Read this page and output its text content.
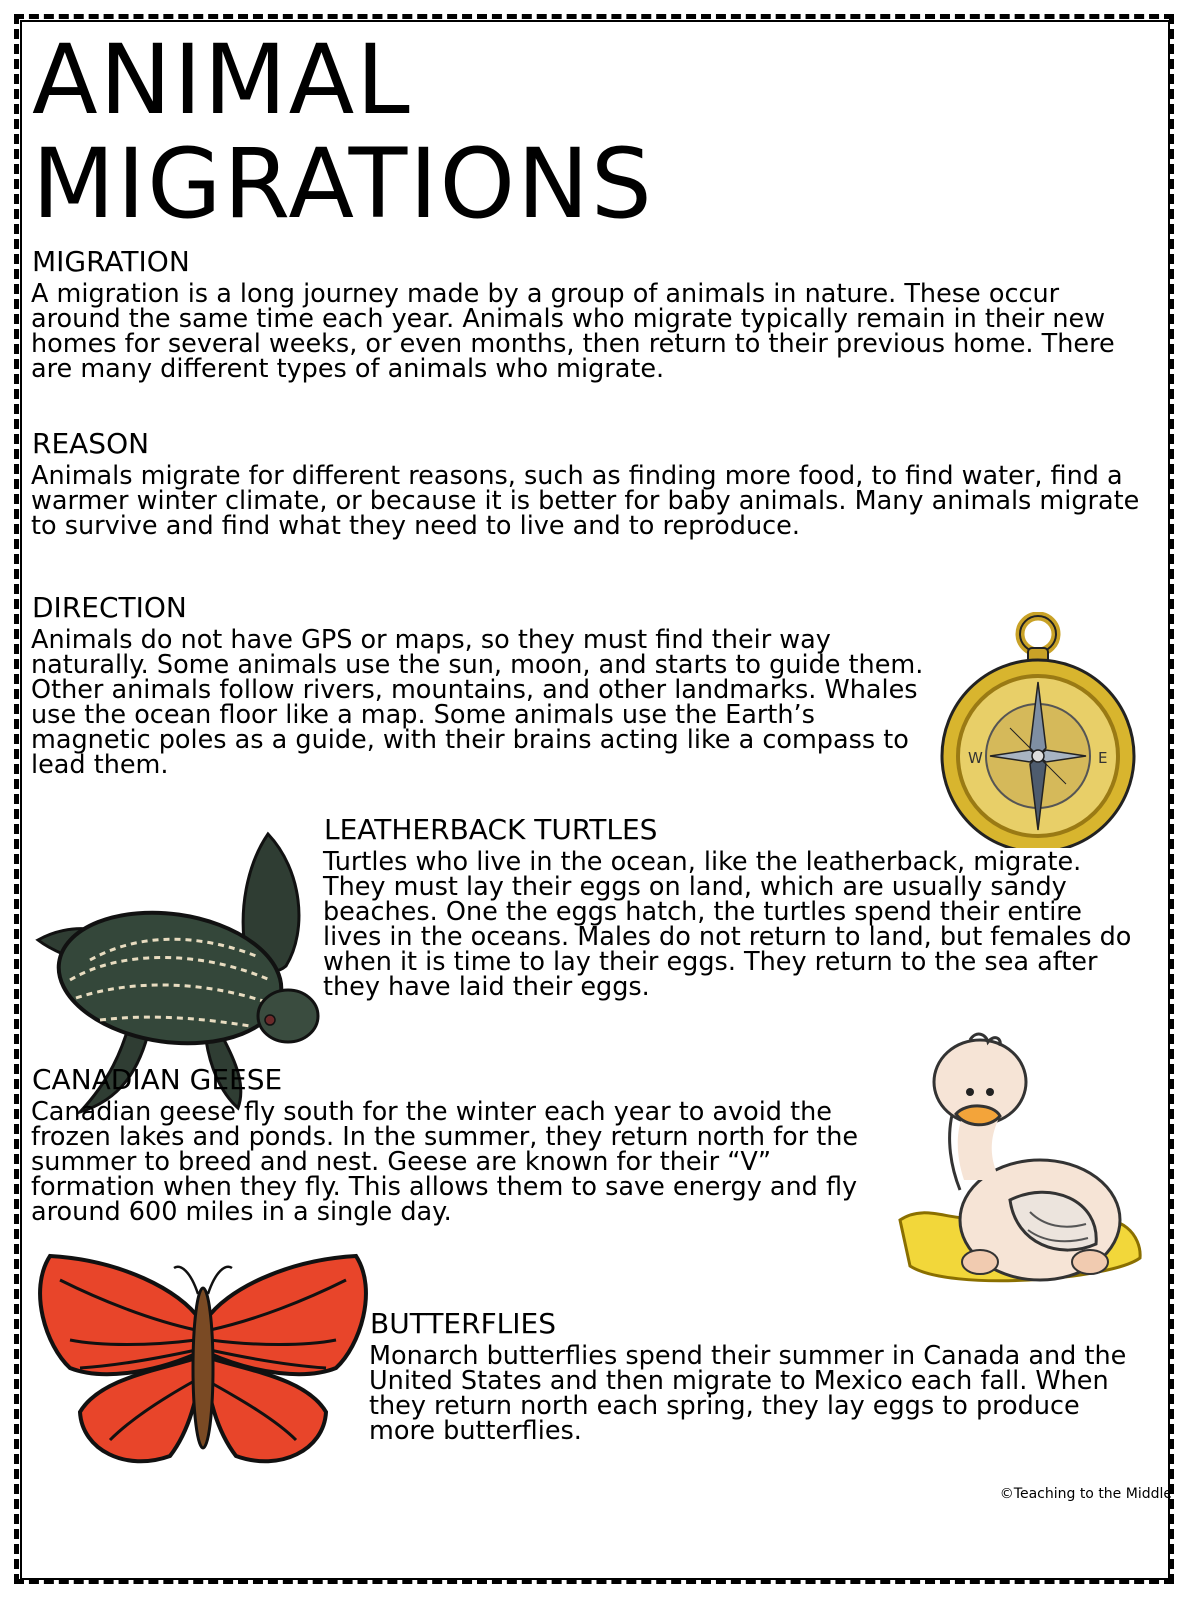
ANIMAL
MIGRATIONS
MIGRATION

A migration is a long journey made by a group of animals in nature. These occur around the same time each year. Animals who migrate typically remain in their new homes for several weeks, or even months, then return to their previous home. There are many different types of animals who migrate.

REASON

Animals migrate for different reasons, such as finding more food, to find water, find a warmer winter climate, or because it is better for baby animals. Many animals migrate to survive and find what they need to live and to reproduce.

DIRECTION

Animals do not have GPS or maps, so they must find their way naturally. Some animals use the sun, moon, and starts to guide them. Other animals follow rivers, mountains, and other landmarks. Whales use the ocean floor like a map. Some animals use the Earth’s magnetic poles as a guide, with their brains acting like a compass to lead them.	W	E
LEATHERBACK TURTLES

Turtles who live in the ocean, like the leatherback, migrate. They must lay their eggs on land, which are usually sandy beaches. One the eggs hatch, the turtles spend their entire lives in the oceans. Males do not return to land, but females do when it is time to lay their eggs. They return to the sea after they have laid their eggs.

CANADIAN GEESE

Canadian geese fly south for the winter each year to avoid the frozen lakes and ponds. In the summer, they return north for the summer to breed and nest. Geese are known for their “V” formation when they fly. This allows them to save energy and fly around 600 miles in a single day.

BUTTERFLIES

Monarch butterflies spend their summer in Canada and the United States and then migrate to Mexico each fall. When they return north each spring, they lay eggs to produce more butterflies.

©Teaching to the Middle
